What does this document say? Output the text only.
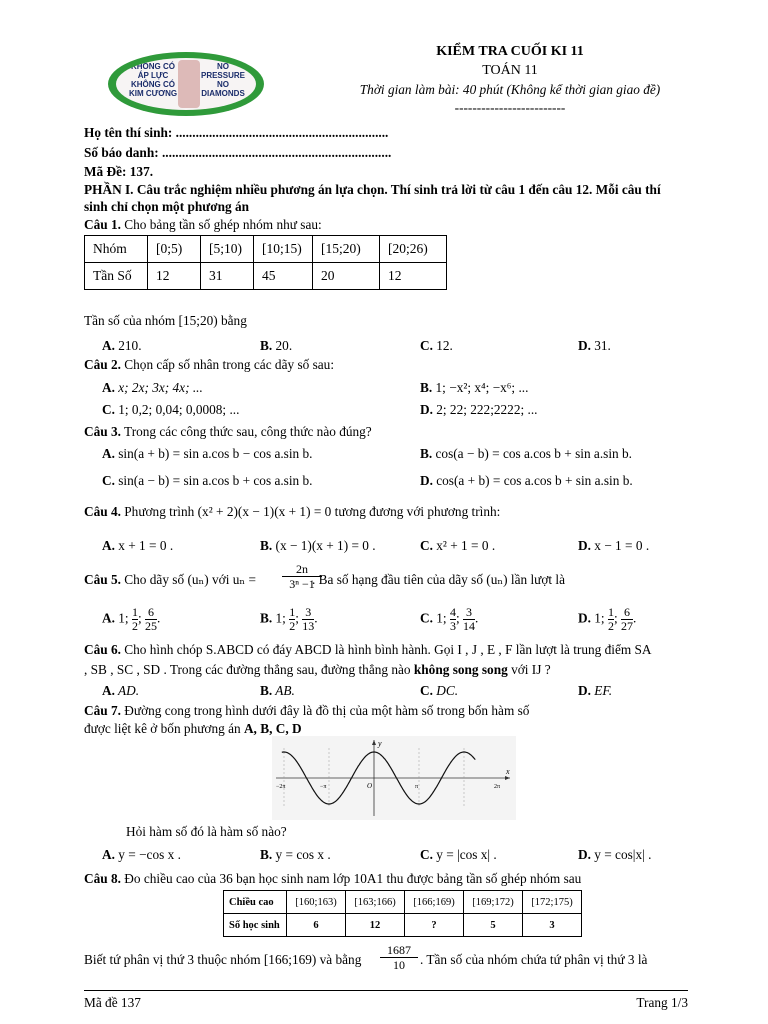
KHÔNG CÓ
ÁP LỰC
KHÔNG CÓ
KIM CƯƠNG
NO
PRESSURE
NO
DIAMONDS
KIỂM TRA CUỐI KI 11
TOÁN 11
Thời gian làm bài: 40 phút (Không kể thời gian giao đề)
-------------------------
Họ tên thí sinh: ................................................................
Số báo danh: .....................................................................
Mã Đề: 137.
PHẦN I. Câu trắc nghiệm nhiều phương án lựa chọn. Thí sinh trả lời từ câu 1 đến câu 12. Mỗi câu thí
sinh chỉ chọn một phương án
Câu 1. Cho bảng tần số ghép nhóm như sau:
Nhóm	[0;5)	[5;10)	[10;15)	[15;20)	[20;26)
Tần Số	12	31	45	20	12
Tần số của nhóm [15;20) bằng
A. 210.	B. 20.	C. 12.	D. 31.
Câu 2. Chọn cấp số nhân trong các dãy số sau:
A. x; 2x; 3x; 4x; ...	B. 1; −x²; x⁴; −x⁶; ...
C. 1; 0,2; 0,04; 0,0008; ...	D. 2; 22; 222;2222; ...
Câu 3. Trong các công thức sau, công thức nào đúng?
A. sin(a + b) = sin a.cos b − cos a.sin b.	B. cos(a − b) = cos a.cos b + sin a.sin b.
C. sin(a − b) = sin a.cos b + cos a.sin b.	D. cos(a + b) = cos a.cos b + sin a.sin b.
Câu 4. Phương trình (x² + 2)(x − 1)(x + 1) = 0 tương đương với phương trình:
A. x + 1 = 0 .	B. (x − 1)(x + 1) = 0 .	C. x² + 1 = 0 .	D. x − 1 = 0 .
Câu 5. Cho dãy số (uₙ) với $u_n = \frac{2n}{\text{3ⁿ −1}}$
. Ba số hạng đầu tiên của dãy số (uₙ) lần lượt là
A. 1; $\frac{1}{2}$ ; $\frac{6}{25}$ .	B. 1; $\frac{1}{2}$ ; $\frac{3}{13}$ .	C. 1; $\frac{4}{3}$ ; $\frac{3}{14}$ .	D. 1; $\frac{1}{2}$ ; $\frac{6}{27}$ .
Câu 6. Cho hình chóp S.ABCD có đáy ABCD là hình bình hành. Gọi I , J , E , F lần lượt là trung điểm SA
, SB , SC , SD . Trong các đường thẳng sau, đường thẳng nào không song song với IJ ?
A. AD.	B. AB.	C. DC.	D. EF.
Câu 7. Đường cong trong hình dưới đây là đồ thị của một hàm số trong bốn hàm số
được liệt kê ở bốn phương án A, B, C, D
y
x
O
−π	π
−2π	2π
Hỏi hàm số đó là hàm số nào?
A. y = −cos x .	B. y = cos x .	C. y = |cos x| .	D. y = cos|x| .
Câu 8. Đo chiều cao của 36 bạn học sinh nam lớp 10A1 thu được bảng tần số ghép nhóm sau
Chiều cao	[160;163)	[163;166)	[166;169)	[169;172)	[172;175)
Số học sinh	6	12	?	5	3
Biết tứ phân vị thứ 3 thuộc nhóm [166;169) và bằng $\frac{1687}{10}$ . Tần số của nhóm chứa tứ phân vị thứ 3 là
Mã đề 137	Trang 1/3
